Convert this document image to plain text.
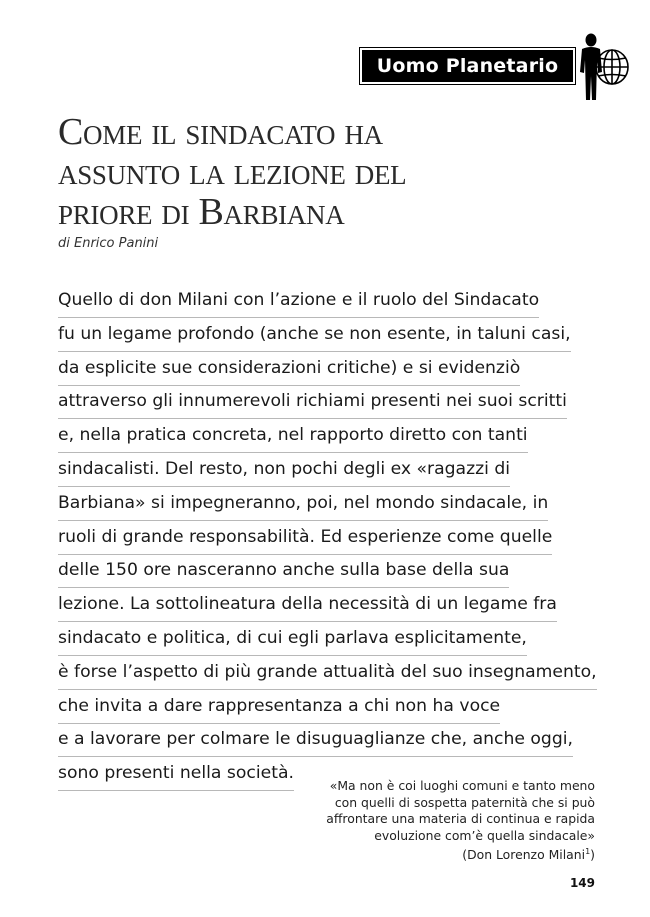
Uomo Planetario
Come il sindacato ha
assunto la lezione del
priore di Barbiana
di Enrico Panini
Quello di don Milani con l’azione e il ruolo del Sindacato
fu un legame profondo (anche se non esente, in taluni casi,
da esplicite sue considerazioni critiche) e si evidenziò
attraverso gli innumerevoli richiami presenti nei suoi scritti
e, nella pratica concreta, nel rapporto diretto con tanti
sindacalisti. Del resto, non pochi degli ex «ragazzi di
Barbiana» si impegneranno, poi, nel mondo sindacale, in
ruoli di grande responsabilità. Ed esperienze come quelle
delle 150 ore nasceranno anche sulla base della sua
lezione. La sottolineatura della necessità di un legame fra
sindacato e politica, di cui egli parlava esplicitamente,
è forse l’aspetto di più grande attualità del suo insegnamento,
che invita a dare rappresentanza a chi non ha voce
e a lavorare per colmare le disuguaglianze che, anche oggi,
sono presenti nella società.
«Ma non è coi luoghi comuni e tanto meno
con quelli di sospetta paternità che si può
affrontare una materia di continua e rapida
evoluzione com’è quella sindacale»
(Don Lorenzo Milani$^1$)
149
